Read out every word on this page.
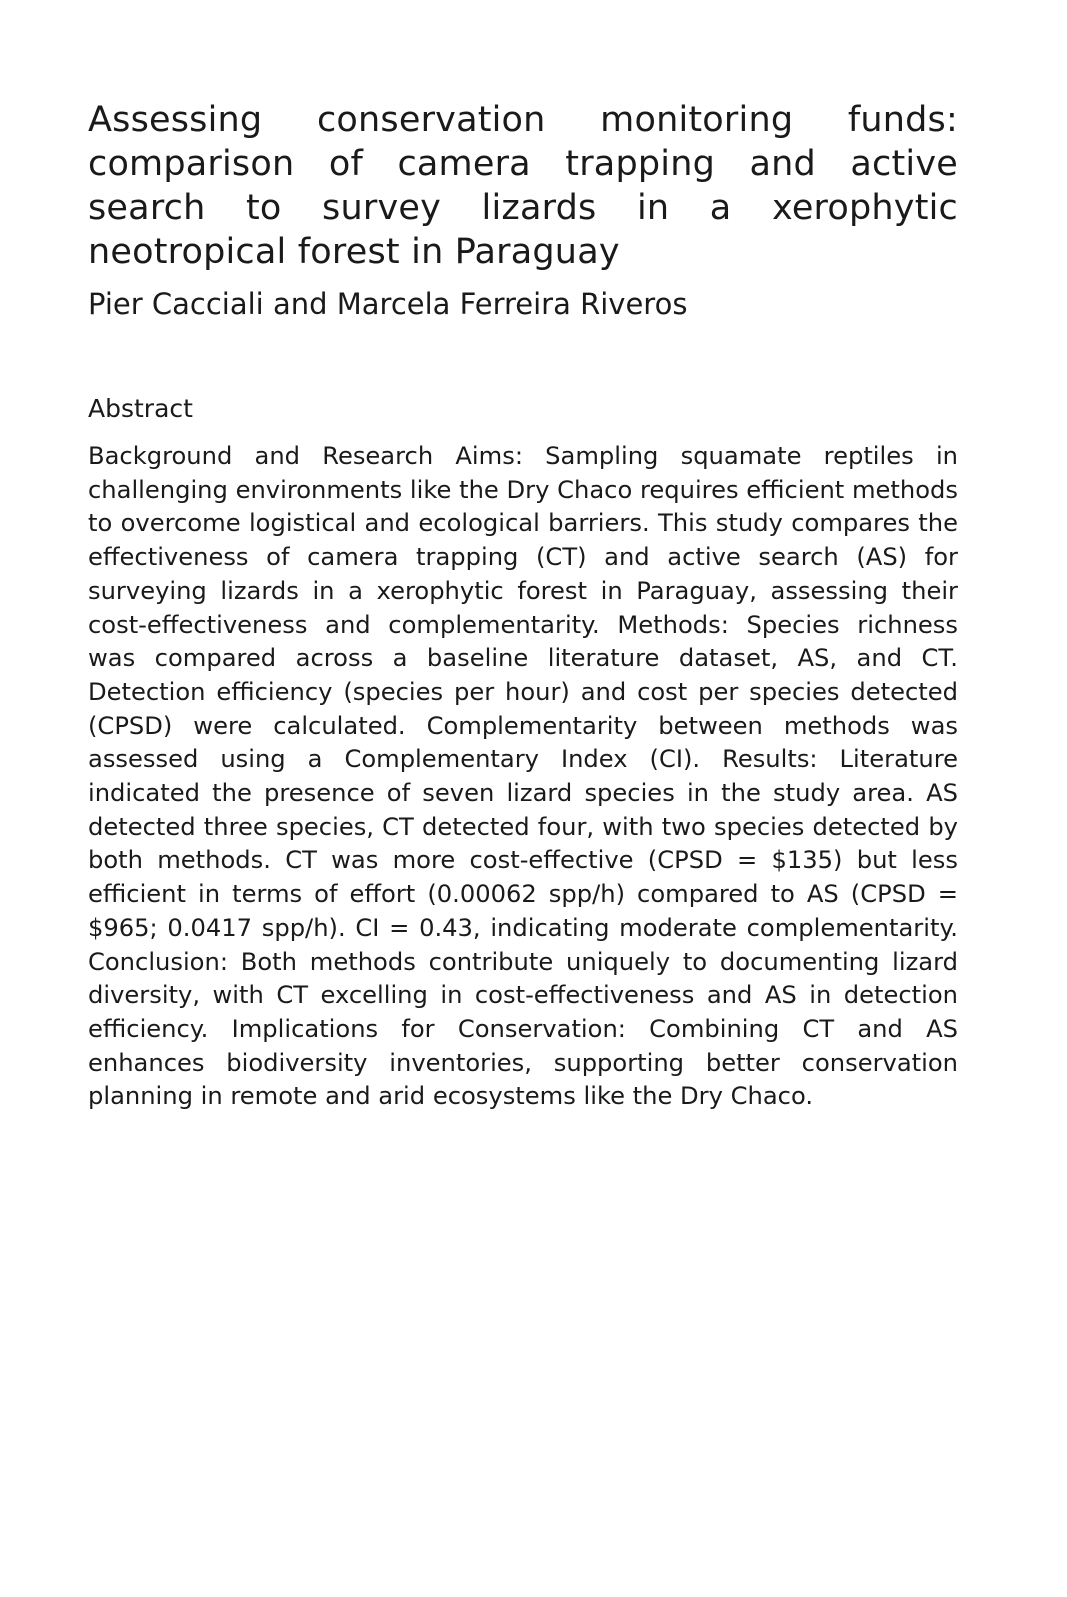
Assessing conservation monitoring funds: comparison of camera trapping and active search to survey lizards in a xerophytic neotropical forest in Paraguay

Pier Cacciali and Marcela Ferreira Riveros

Abstract

Background and Research Aims: Sampling squamate reptiles in challenging environments like the Dry Chaco requires efficient methods to overcome logistical and ecological barriers. This study compares the effectiveness of camera trapping (CT) and active search (AS) for surveying lizards in a xerophytic forest in Paraguay, assessing their cost-effectiveness and complementarity. Methods: Species richness was compared across a baseline literature dataset, AS, and CT. Detection efficiency (species per hour) and cost per species detected (CPSD) were calculated. Complementarity between methods was assessed using a Complementary Index (CI). Results: Literature indicated the presence of seven lizard species in the study area. AS detected three species, CT detected four, with two species detected by both methods. CT was more cost-effective (CPSD = $135) but less efficient in terms of effort (0.00062 spp/h) compared to AS (CPSD = $965; 0.0417 spp/h). CI = 0.43, indicating moderate complementarity. Conclusion: Both methods contribute uniquely to documenting lizard diversity, with CT excelling in cost-effectiveness and AS in detection efficiency. Implications for Conservation: Combining CT and AS enhances biodiversity inventories, supporting better conservation planning in remote and arid ecosystems like the Dry Chaco.
